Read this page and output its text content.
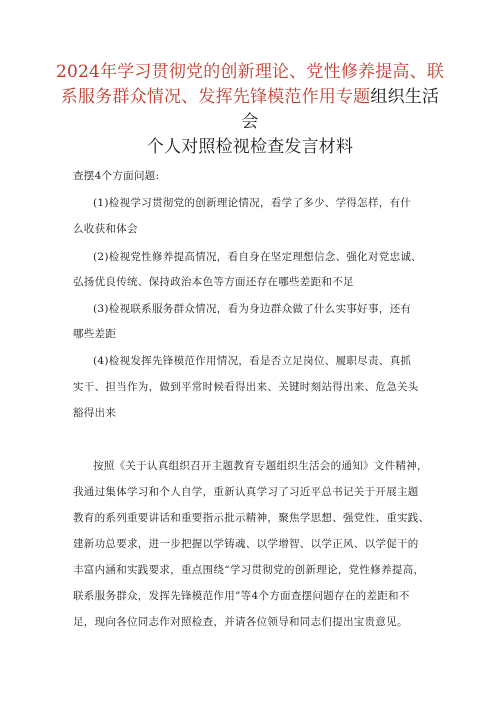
2024年学习贯彻党的创新理论、党性修养提高、联
系服务群众情况、发挥先锋模范作用专题组织生活会
个人对照检视检查发言材料
查摆4个方面问题:
(1)检视学习贯彻党的创新理论情况，看学了多少、学得怎样，有什
么收获和体会
(2)检视党性修养提高情况，看自身在坚定理想信念、强化对党忠诚、
弘扬优良传统、保持政治本色等方面还存在哪些差距和不足
(3)检视联系服务群众情况，看为身边群众做了什么实事好事，还有
哪些差距
(4)检视发挥先锋模范作用情况，看是否立足岗位、履职尽责、真抓
实干、担当作为，做到平常时候看得出来、关键时刻站得出来、危急关头
豁得出来
按照《关于认真组织召开主题教育专题组织生活会的通知》文件精神，
我通过集体学习和个人自学，重新认真学习了习近平总书记关于开展主题
教育的系列重要讲话和重要指示批示精神，聚焦学思想、强党性、重实践、
建新功总要求，进一步把握以学铸魂、以学增智、以学正风、以学促干的
丰富内涵和实践要求，重点围绕“学习贯彻党的创新理论，党性修养提高，
联系服务群众，发挥先锋模范作用”等4个方面查摆问题存在的差距和不
足，现向各位同志作对照检查，并请各位领导和同志们提出宝贵意见。
